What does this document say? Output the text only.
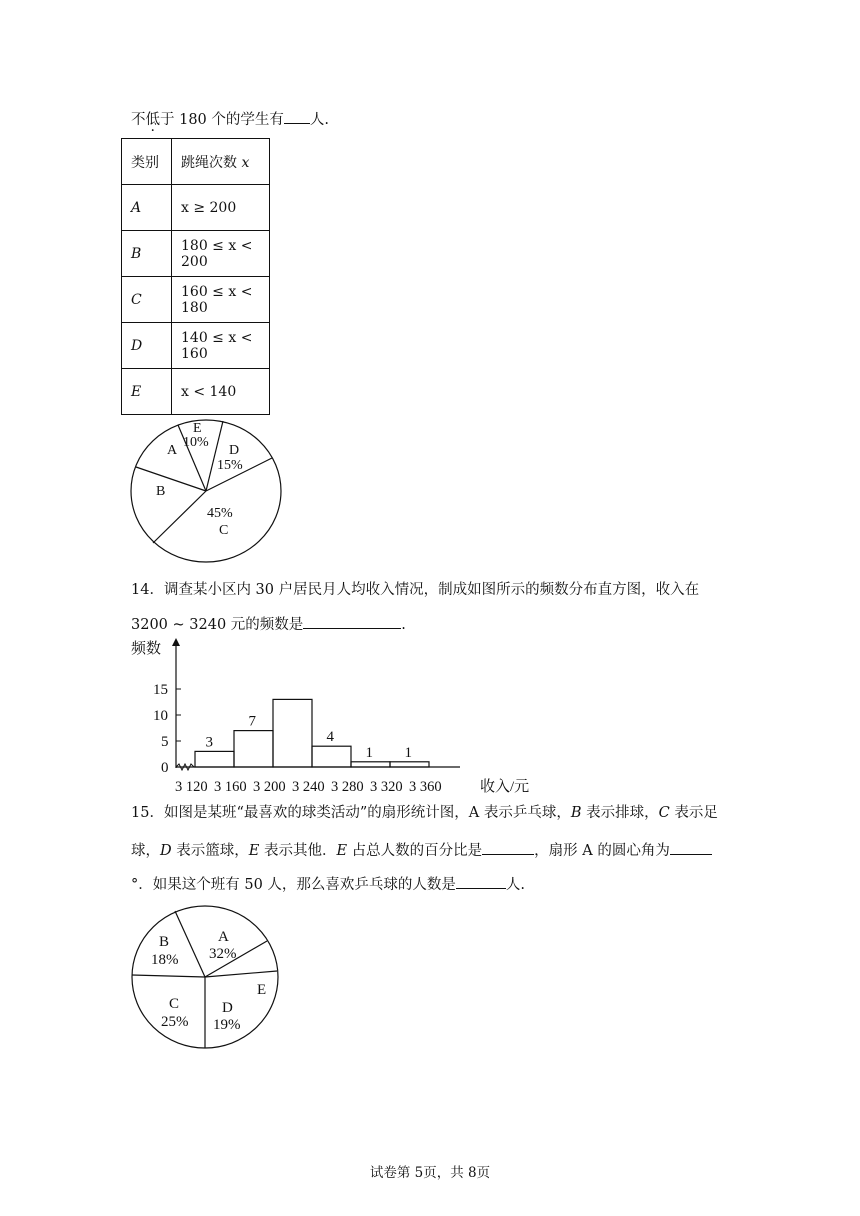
不低于 180 个的学生有 人.
类别	跳绳次数 x
A	x ≥ 200
B	180 ≤ x < 200
C	160 ≤ x < 180
D	140 ≤ x < 160
E	x < 140
E
10%
A	D
15%
B
45%
C
14．调查某小区内 30 户居民月人均收入情况，制成如图所示的频数分布直方图，收入在
3200 ~ 3240 元的频数是	.
3
7
4
1 1
0
5
10
15
3 120 3 160 3 200 3 240 3 280 3 320 3 360
频数
收入/元
15．如图是某班“最喜欢的球类活动”的扇形统计图，A 表示乒乓球，B 表示排球，C 表示足
球，D 表示篮球，E 表示其他．E 占总人数的百分比是	，扇形 A 的圆心角为
°．如果这个班有 50 人，那么喜欢乒乓球的人数是	人.
A
32%
B
18%
C
25%
D
19%
E
试卷第 5页，共 8页
